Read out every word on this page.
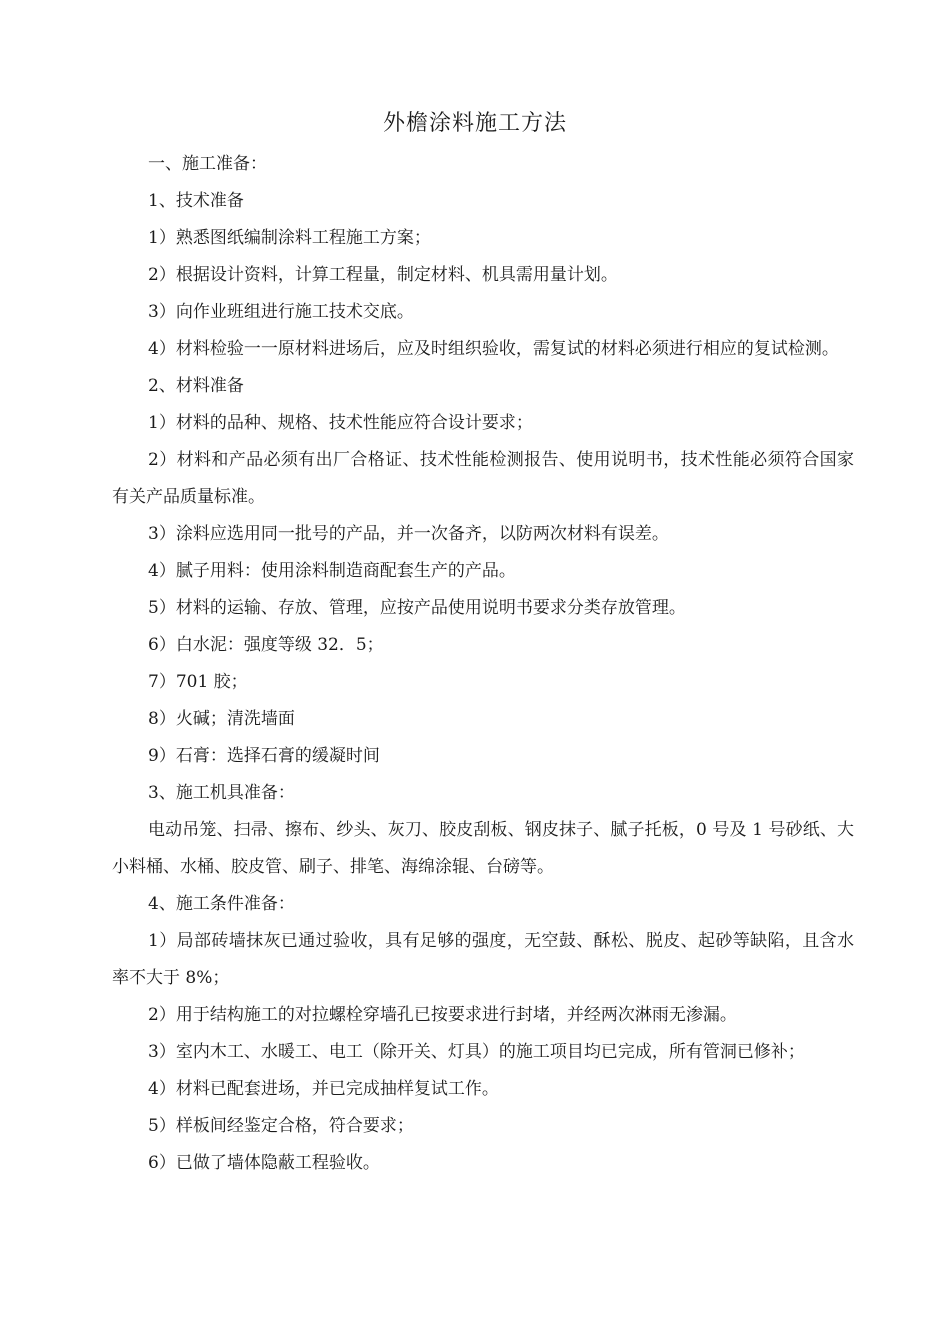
外檐涂料施工方法

一、施工准备：

1、技术准备

1）熟悉图纸编制涂料工程施工方案；

2）根据设计资料，计算工程量，制定材料、机具需用量计划。

3）向作业班组进行施工技术交底。

4）材料检验一一原材料进场后，应及时组织验收，需复试的材料必须进行相应的复试检测。

2、材料准备

1）材料的品种、规格、技术性能应符合设计要求；

2）材料和产品必须有出厂合格证、技术性能检测报告、使用说明书，技术性能必须符合国家有关产品质量标准。

3）涂料应选用同一批号的产品，并一次备齐，以防两次材料有误差。

4）腻子用料：使用涂料制造商配套生产的产品。

5）材料的运输、存放、管理，应按产品使用说明书要求分类存放管理。

6）白水泥：强度等级 32．5；

7）701 胶；

8）火碱；清洗墙面

9）石膏：选择石膏的缓凝时间

3、施工机具准备：

电动吊笼、扫帚、擦布、纱头、灰刀、胶皮刮板、钢皮抹子、腻子托板，0 号及 1 号砂纸、大小料桶、水桶、胶皮管、刷子、排笔、海绵涂辊、台磅等。

4、施工条件准备：

1）局部砖墙抹灰已通过验收，具有足够的强度，无空鼓、酥松、脱皮、起砂等缺陷，且含水率不大于 8%；

2）用于结构施工的对拉螺栓穿墙孔已按要求进行封堵，并经两次淋雨无渗漏。

3）室内木工、水暖工、电工（除开关、灯具）的施工项目均已完成，所有管洞已修补；

4）材料已配套进场，并已完成抽样复试工作。

5）样板间经鉴定合格，符合要求；

6）已做了墙体隐蔽工程验收。
